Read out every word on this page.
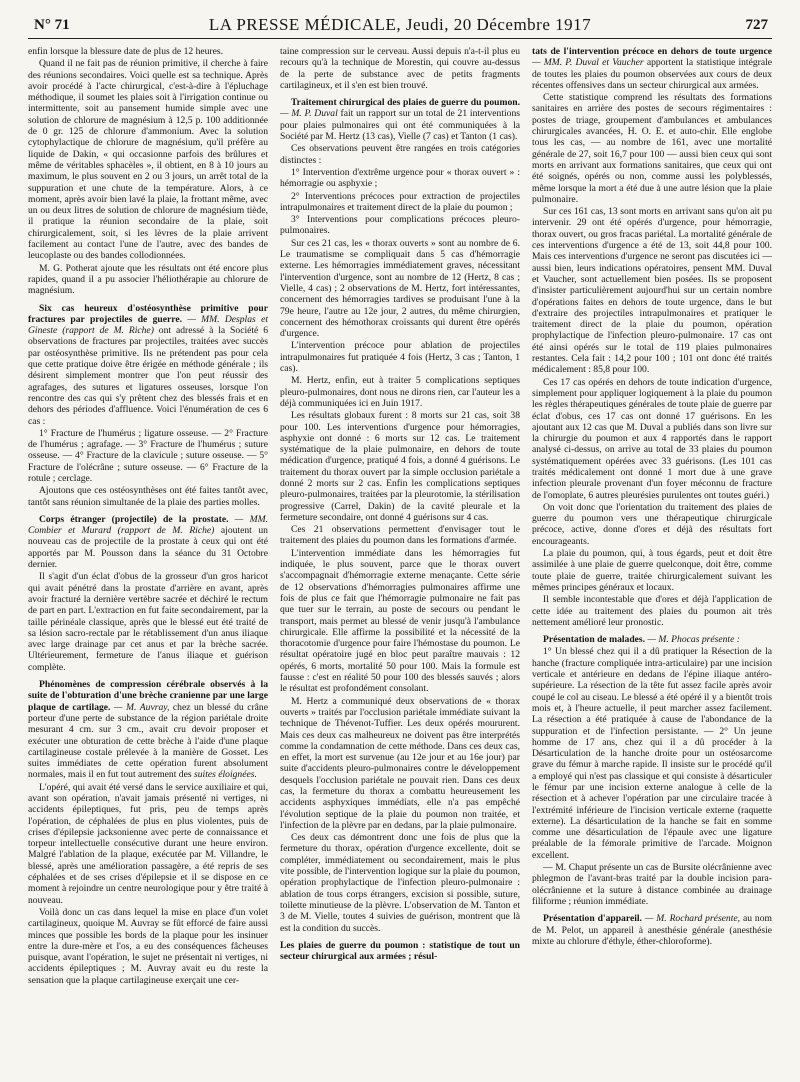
N° 71	LA PRESSE MÉDICALE, Jeudi, 20 Décembre 1917	727

enfin lorsque la blessure date de plus de 12 heures.

Quand il ne fait pas de réunion primitive, il cherche à faire des réunions secondaires. Voici quelle est sa technique. Après avoir procédé à l'acte chirurgical, c'est-à-dire à l'épluchage méthodique, il soumet les plaies soit à l'irrigation continue ou intermittente, soit au pansement humide simple avec une solution de chlorure de magnésium à 12,5 p. 100 additionnée de 0 gr. 125 de chlorure d'ammonium. Avec la solution cytophylactique de chlorure de magnésium, qu'il préfère au liquide de Dakin, « qui occasionne parfois des brûlures et même de véritables sphacèles », il obtient, en 8 à 10 jours au maximum, le plus souvent en 2 ou 3 jours, un arrêt total de la suppuration et une chute de la température. Alors, à ce moment, après avoir bien lavé la plaie, la frottant même, avec un ou deux litres de solution de chlorure de magnésium tiède, il pratique la réunion secondaire de la plaie, soit chirurgicalement, soit, si les lèvres de la plaie arrivent facilement au contact l'une de l'autre, avec des bandes de leucoplaste ou des bandes collodionnées.

M. G. Potherat ajoute que les résultats ont été encore plus rapides, quand il a pu associer l'héliothérapie au chlorure de magnésium.

Six cas heureux d'ostéosynthèse primitive pour fractures par projectiles de guerre. — MM. Desplas et Gineste (rapport de M. Riche) ont adressé à la Société 6 observations de fractures par projectiles, traitées avec succès par ostéosynthèse primitive. Ils ne prétendent pas pour cela que cette pratique doive être érigée en méthode générale ; ils désirent simplement montrer que l'on peut réussir des agrafages, des sutures et ligatures osseuses, lorsque l'on rencontre des cas qui s'y prêtent chez des blessés frais et en dehors des périodes d'affluence. Voici l'énumération de ces 6 cas :

1° Fracture de l'humérus ; ligature osseuse. — 2° Fracture de l'humérus ; agrafage. — 3° Fracture de l'humérus ; suture osseuse. — 4° Fracture de la clavicule ; suture osseuse. — 5° Fracture de l'olécrâne ; suture osseuse. — 6° Fracture de la rotule ; cerclage.

Ajoutons que ces ostéosynthèses ont été faites tantôt avec, tantôt sans réunion simultanée de la plaie des parties molles.

Corps étranger (projectile) de la prostate. — MM. Combier et Murard (rapport de M. Riche) ajoutent un nouveau cas de projectile de la prostate à ceux qui ont été apportés par M. Pousson dans la séance du 31 Octobre dernier.

Il s'agit d'un éclat d'obus de la grosseur d'un gros haricot qui avait pénétré dans la prostate d'arrière en avant, après avoir fracturé la dernière vertèbre sacrée et déchiré le rectum de part en part. L'extraction en fut faite secondairement, par la taille périnéale classique, après que le blessé eut été traité de sa lésion sacro-rectale par le rétablissement d'un anus iliaque avec large drainage par cet anus et par la brèche sacrée. Ultérieurement, fermeture de l'anus iliaque et guérison complète.

Phénomènes de compression cérébrale observés à la suite de l'obturation d'une brèche cranienne par une large plaque de cartilage. — M. Auvray, chez un blessé du crâne porteur d'une perte de substance de la région pariétale droite mesurant 4 cm. sur 3 cm., avait cru devoir proposer et exécuter une obturation de cette brèche à l'aide d'une plaque cartilagineuse costale prélevée à la manière de Gosset. Les suites immédiates de cette opération furent absolument normales, mais il en fut tout autrement des suites éloignées.

L'opéré, qui avait été versé dans le service auxiliaire et qui, avant son opération, n'avait jamais présenté ni vertiges, ni accidents épileptiques, fut pris, peu de temps après l'opération, de céphalées de plus en plus violentes, puis de crises d'épilepsie jacksonienne avec perte de connaissance et torpeur intellectuelle consécutive durant une heure environ. Malgré l'ablation de la plaque, exécutée par M. Villandre, le blessé, après une amélioration passagère, a été repris de ses céphalées et de ses crises d'épilepsie et il se dispose en ce moment à rejoindre un centre neurologique pour y être traité à nouveau.

Voilà donc un cas dans lequel la mise en place d'un volet cartilagineux, quoique M. Auvray se fût efforcé de faire aussi minces que possible les bords de la plaque pour les insinuer entre la dure-mère et l'os, a eu des conséquences fâcheuses puisque, avant l'opération, le sujet ne présentait ni vertiges, ni accidents épileptiques ; M. Auvray avait eu du reste la sensation que la plaque cartilagineuse exerçait une cer-

taine compression sur le cerveau. Aussi depuis n'a-t-il plus eu recours qu'à la technique de Morestin, qui couvre au-dessus de la perte de substance avec de petits fragments cartilagineux, et il s'en est bien trouvé.

Traitement chirurgical des plaies de guerre du poumon. — M. P. Duval fait un rapport sur un total de 21 interventions pour plaies pulmonaires qui ont été communiquées à la Société par M. Hertz (13 cas), Vielle (7 cas) et Tanton (1 cas).

Ces observations peuvent être rangées en trois catégories distinctes :

1° Intervention d'extrême urgence pour « thorax ouvert » : hémorragie ou asphyxie ;

2° Interventions précoces pour extraction de projectiles intrapulmonaires et traitement direct de la plaie du poumon ;

3° Interventions pour complications précoces pleuro-pulmonaires.

Sur ces 21 cas, les « thorax ouverts » sont au nombre de 6. Le traumatisme se compliquait dans 5 cas d'hémorragie externe. Les hémorragies immédiatement graves, nécessitant l'intervention d'urgence, sont au nombre de 12 (Hertz, 8 cas ; Vielle, 4 cas) ; 2 observations de M. Hertz, fort intéressantes, concernent des hémorragies tardives se produisant l'une à la 79e heure, l'autre au 12e jour, 2 autres, du même chirurgien, concernent des hémothorax croissants qui durent être opérés d'urgence.

L'intervention précoce pour ablation de projectiles intrapulmonaires fut pratiquée 4 fois (Hertz, 3 cas ; Tanton, 1 cas).

M. Hertz, enfin, eut à traiter 5 complications septiques pleuro-pulmonaires, dont nous ne dirons rien, car l'auteur les a déjà communiquées ici en Juin 1917.

Les résultats globaux furent : 8 morts sur 21 cas, soit 38 pour 100. Les interventions d'urgence pour hémorragies, asphyxie ont donné : 6 morts sur 12 cas. Le traitement systématique de la plaie pulmonaire, en dehors de toute médication d'urgence, pratiqué 4 fois, a donné 4 guérisons. Le traitement du thorax ouvert par la simple occlusion pariétale a donné 2 morts sur 2 cas. Enfin les complications septiques pleuro-pulmonaires, traitées par la pleurotomie, la stérilisation progressive (Carrel, Dakin) de la cavité pleurale et la fermeture secondaire, ont donné 4 guérisons sur 4 cas.

Ces 21 observations permettent d'envisager tout le traitement des plaies du poumon dans les formations d'armée.

L'intervention immédiate dans les hémorragies fut indiquée, le plus souvent, parce que le thorax ouvert s'accompagnait d'hémorragie externe menaçante. Cette série de 12 observations d'hémorragies pulmonaires affirme une fois de plus ce fait que l'hémorragie pulmonaire ne fait pas que tuer sur le terrain, au poste de secours ou pendant le transport, mais permet au blessé de venir jusqu'à l'ambulance chirurgicale. Elle affirme la possibilité et la nécessité de la thoracotomie d'urgence pour faire l'hémostase du poumon. Le résultat opératoire jugé en bloc peut paraître mauvais : 12 opérés, 6 morts, mortalité 50 pour 100. Mais la formule est fausse : c'est en réalité 50 pour 100 des blessés sauvés ; alors le résultat est profondément consolant.

M. Hertz a communiqué deux observations de « thorax ouverts » traités par l'occlusion pariétale immédiate suivant la technique de Thévenot-Tuffier. Les deux opérés moururent. Mais ces deux cas malheureux ne doivent pas être interprétés comme la condamnation de cette méthode. Dans ces deux cas, en effet, la mort est survenue (au 12e jour et au 16e jour) par suite d'accidents pleuro-pulmonaires contre le développement desquels l'occlusion pariétale ne pouvait rien. Dans ces deux cas, la fermeture du thorax a combattu heureusement les accidents asphyxiques immédiats, elle n'a pas empêché l'évolution septique de la plaie du poumon non traitée, et l'infection de la plèvre par en dedans, par la plaie pulmonaire.

Ces deux cas démontrent donc une fois de plus que la fermeture du thorax, opération d'urgence excellente, doit se compléter, immédiatement ou secondairement, mais le plus vite possible, de l'intervention logique sur la plaie du poumon, opération prophylactique de l'infection pleuro-pulmonaire : ablation de tous corps étrangers, excision si possible, suture, toilette minutieuse de la plèvre. L'observation de M. Tanton et 3 de M. Vielle, toutes 4 suivies de guérison, montrent que là est la condition du succès.

Les plaies de guerre du poumon : statistique de tout un secteur chirurgical aux armées ; résul-

tats de l'intervention précoce en dehors de toute urgence — MM. P. Duval et Vaucher apportent la statistique intégrale de toutes les plaies du poumon observées aux cours de deux récentes offensives dans un secteur chirurgical aux armées.

Cette statistique comprend les résultats des formations sanitaires en arrière des postes de secours régimentaires : postes de triage, groupement d'ambulances et ambulances chirurgicales avancées, H. O. E. et auto-chir. Elle englobe tous les cas, — au nombre de 161, avec une mortalité générale de 27, soit 16,7 pour 100 — aussi bien ceux qui sont morts en arrivant aux formations sanitaires, que ceux qui ont été soignés, opérés ou non, comme aussi les polyblessés, même lorsque la mort a été due à une autre lésion que la plaie pulmonaire.

Sur ces 161 cas, 13 sont morts en arrivant sans qu'on ait pu intervenir. 29 ont été opérés d'urgence, pour hémorragie, thorax ouvert, ou gros fracas pariétal. La mortalité générale de ces interventions d'urgence a été de 13, soit 44,8 pour 100. Mais ces interventions d'urgence ne seront pas discutées ici — aussi bien, leurs indications opératoires, pensent MM. Duval et Vaucher, sont actuellement bien posées. Ils se proposent d'insister particulièrement aujourd'hui sur un certain nombre d'opérations faites en dehors de toute urgence, dans le but d'extraire des projectiles intrapulmonaires et pratiquer le traitement direct de la plaie du poumon, opération prophylactique de l'infection pleuro-pulmonaire. 17 cas ont été ainsi opérés sur le total de 119 plaies pulmonaires restantes. Cela fait : 14,2 pour 100 ; 101 ont donc été traités médicalement : 85,8 pour 100.

Ces 17 cas opérés en dehors de toute indication d'urgence, simplement pour appliquer logiquement à la plaie du poumon les règles thérapeutiques générales de toute plaie de guerre par éclat d'obus, ces 17 cas ont donné 17 guérisons. En les ajoutant aux 12 cas que M. Duval a publiés dans son livre sur la chirurgie du poumon et aux 4 rapportés dans le rapport analysé ci-dessus, on arrive au total de 33 plaies du poumon systématiquement opérées avec 33 guérisons. (Les 101 cas traités médicalement ont donné 1 mort due à une grave infection pleurale provenant d'un foyer méconnu de fracture de l'omoplate, 6 autres pleurésies purulentes ont toutes guéri.)

On voit donc que l'orientation du traitement des plaies de guerre du poumon vers une thérapeutique chirurgicale précoce, active, donne d'ores et déjà des résultats fort encourageants.

La plaie du poumon, qui, à tous égards, peut et doit être assimilée à une plaie de guerre quelconque, doit être, comme toute plaie de guerre, traitée chirurgicalement suivant les mêmes principes généraux et locaux.

Il semble incontestable que d'ores et déjà l'application de cette idée au traitement des plaies du poumon ait très nettement amélioré leur pronostic.

Présentation de malades. — M. Phocas présente :

1° Un blessé chez qui il a dû pratiquer la Résection de la hanche (fracture compliquée intra-articulaire) par une incision verticale et antérieure en dedans de l'épine iliaque antéro-supérieure. La résection de la tête fut assez facile après avoir coupé le col au ciseau. Le blessé a été opéré il y a bientôt trois mois et, à l'heure actuelle, il peut marcher assez facilement. La résection a été pratiquée à cause de l'abondance de la suppuration et de l'infection persistante. — 2° Un jeune homme de 17 ans, chez qui il a dû procéder à la Désarticulation de la hanche droite pour un ostéosarcome grave du fémur à marche rapide. Il insiste sur le procédé qu'il a employé qui n'est pas classique et qui consiste à désarticuler le fémur par une incision externe analogue à celle de la résection et à achever l'opération par une circulaire tracée à l'extrémité inférieure de l'incision verticale externe (raquette externe). La désarticulation de la hanche se fait en somme comme une désarticulation de l'épaule avec une ligature préalable de la fémorale primitive de l'arcade. Moignon excellent.

— M. Chaput présente un cas de Bursite olécrânienne avec phlegmon de l'avant-bras traité par la double incision para-olécrânienne et la suture à distance combinée au drainage filiforme ; réunion immédiate.

Présentation d'appareil. — M. Rochard présente, au nom de M. Pelot, un appareil à anesthésie générale (anesthésie mixte au chlorure d'éthyle, éther-chloroforme).
